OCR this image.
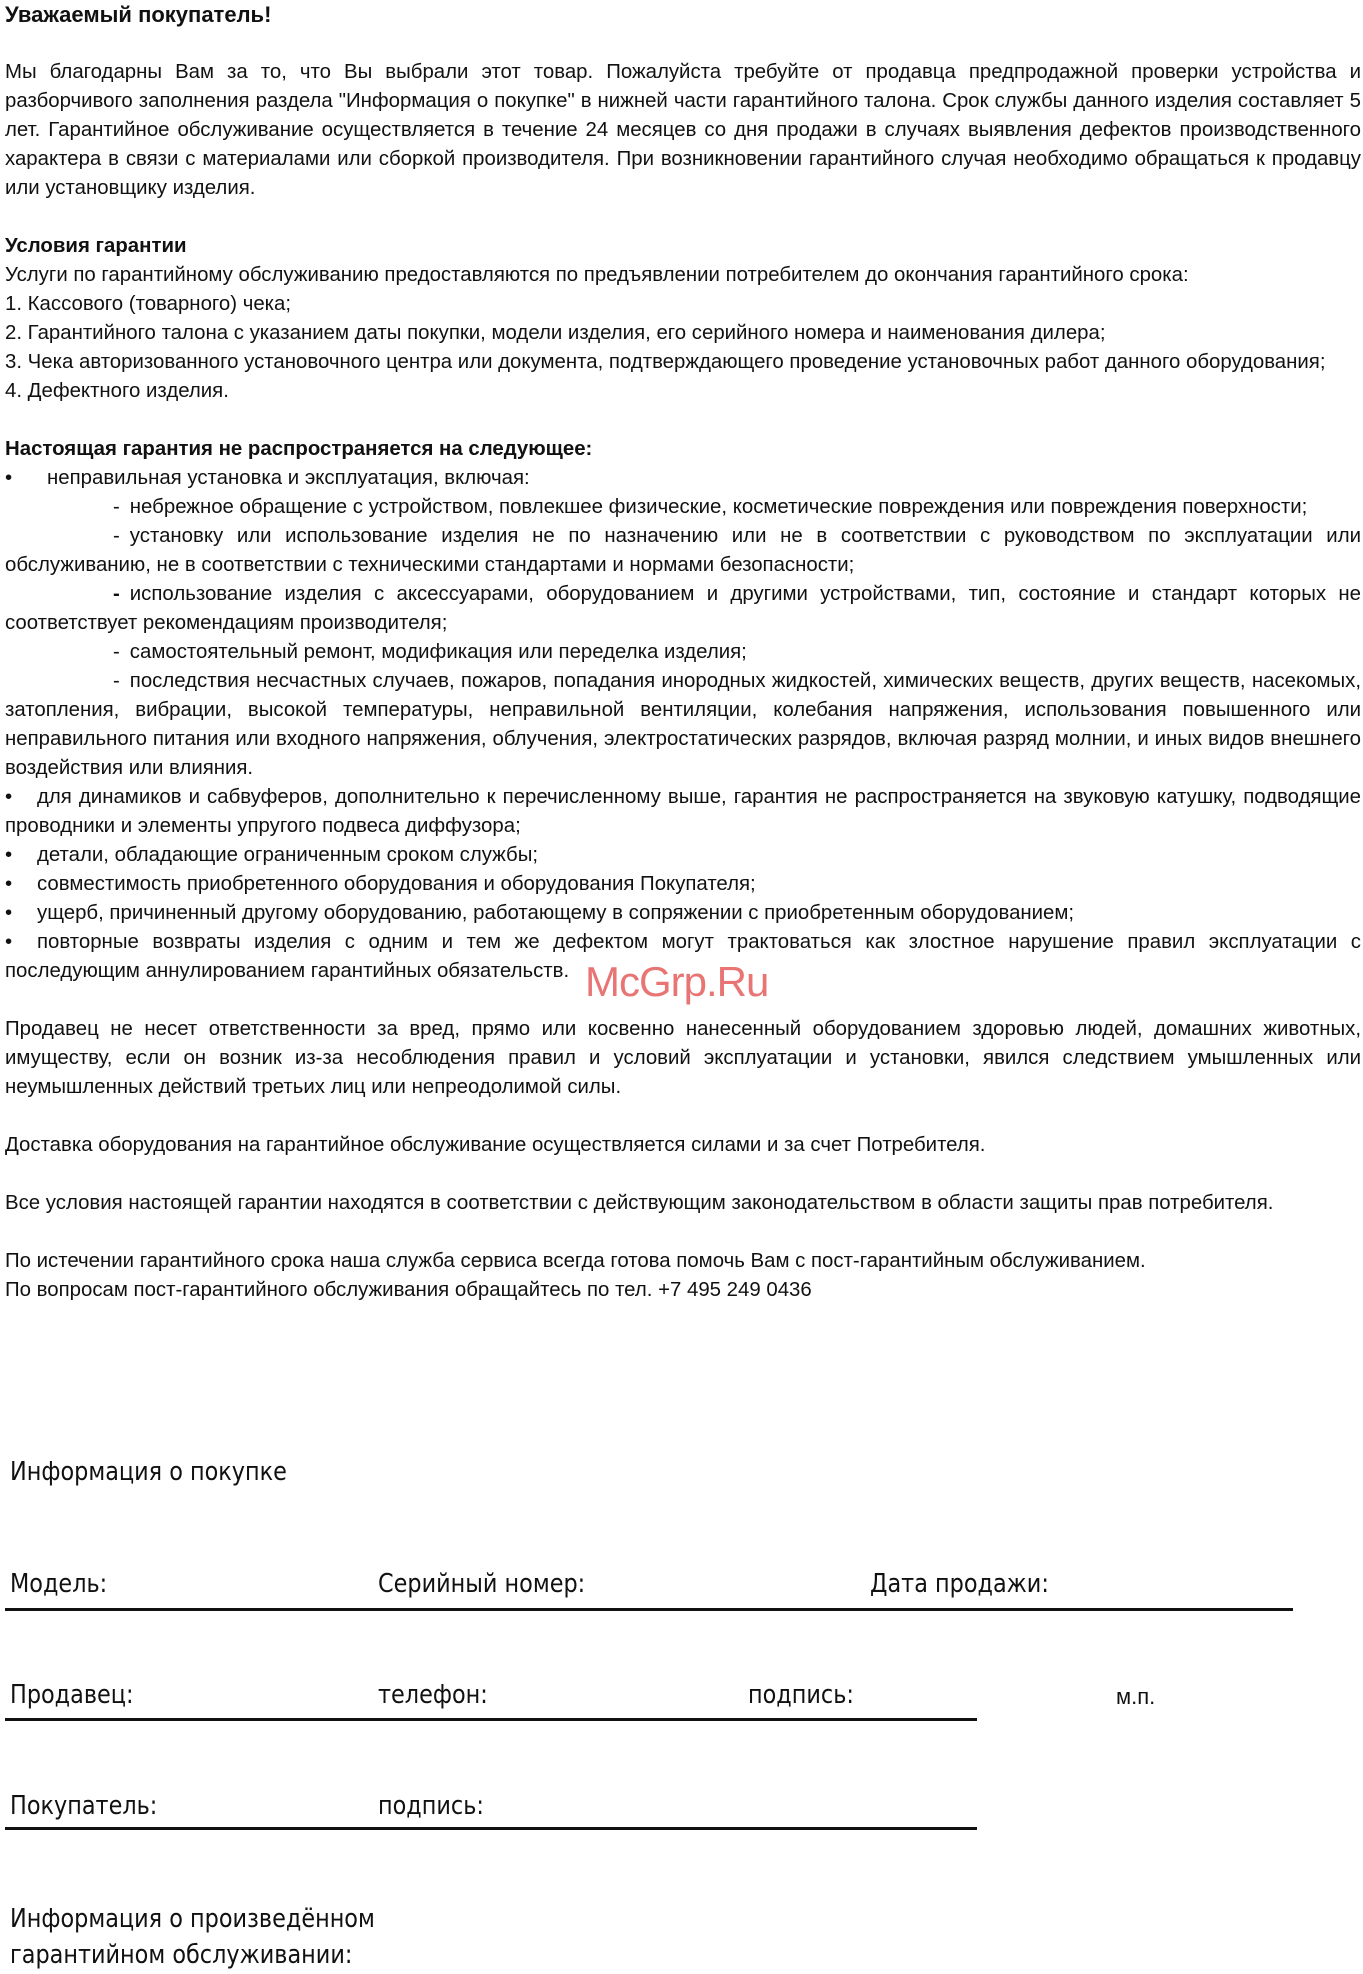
Уважаемый покупатель!

Мы благодарны Вам за то, что Вы выбрали этот товар. Пожалуйста требуйте от продавца предпродажной проверки устройства и разборчивого заполнения раздела "Информация о покупке" в нижней части гарантийного талона. Срок службы данного изделия составляет 5 лет. Гарантийное обслуживание осуществляется в течение 24 месяцев со дня продажи в случаях выявления дефектов производственного характера в связи с материалами или сборкой производителя. При возникновении гарантийного случая необходимо обращаться к продавцу или установщику изделия.

Условия гарантии

Услуги по гарантийному обслуживанию предоставляются по предъявлении потребителем до окончания гарантийного срока:

1. Кассового (товарного) чека;

2. Гарантийного талона с указанием даты покупки, модели изделия, его серийного номера и наименования дилера;

3. Чека авторизованного установочного центра или документа, подтверждающего проведение установочных работ данного оборудования;

4. Дефектного изделия.

Настоящая гарантия не распространяется на следующее:

• неправильная установка и эксплуатация, включая:

- небрежное обращение с устройством, повлекшее физические, косметические повреждения или повреждения поверхности;

- установку или использование изделия не по назначению или не в соответствии с руководством по эксплуатации или обслуживанию, не в соответствии с техническими стандартами и нормами безопасности;

- использование изделия с аксессуарами, оборудованием и другими устройствами, тип, состояние и стандарт которых не соответствует рекомендациям производителя;

- самостоятельный ремонт, модификация или переделка изделия;

- последствия несчастных случаев, пожаров, попадания инородных жидкостей, химических веществ, других веществ, насекомых, затопления, вибрации, высокой температуры, неправильной вентиляции, колебания напряжения, использования повышенного или неправильного питания или входного напряжения, облучения, электростатических разрядов, включая разряд молнии, и иных видов внешнего воздействия или влияния.

• для динамиков и сабвуферов, дополнительно к перечисленному выше, гарантия не распространяется на звуковую катушку, подводящие проводники и элементы упругого подвеса диффузора;

• детали, обладающие ограниченным сроком службы;

• совместимость приобретенного оборудования и оборудования Покупателя;

• ущерб, причиненный другому оборудованию, работающему в сопряжении с приобретенным оборудованием;

• повторные возвраты изделия с одним и тем же дефектом могут трактоваться как злостное нарушение правил эксплуатации с последующим аннулированием гарантийных обязательств.

Продавец не несет ответственности за вред, прямо или косвенно нанесенный оборудованием здоровью людей, домашних животных, имуществу, если он возник из-за несоблюдения правил и условий эксплуатации и установки, явился следствием умышленных или неумышленных действий третьих лиц или непреодолимой силы.

Доставка оборудования на гарантийное обслуживание осуществляется силами и за счет Потребителя.

Все условия настоящей гарантии находятся в соответствии с действующим законодательством в области защиты прав потребителя.

По истечении гарантийного срока наша служба сервиса всегда готова помочь Вам с пост-гарантийным обслуживанием.

По вопросам пост-гарантийного обслуживания обращайтесь по тел. +7 495 249 0436

McGrp.Ru
Информация о покупке
Модель:	Серийный номер:	Дата продажи:
Продавец:	телефон:	подпись:	м.п.
Покупатель:	подпись:
Информация о произведённом
гарантийном обслуживании:
